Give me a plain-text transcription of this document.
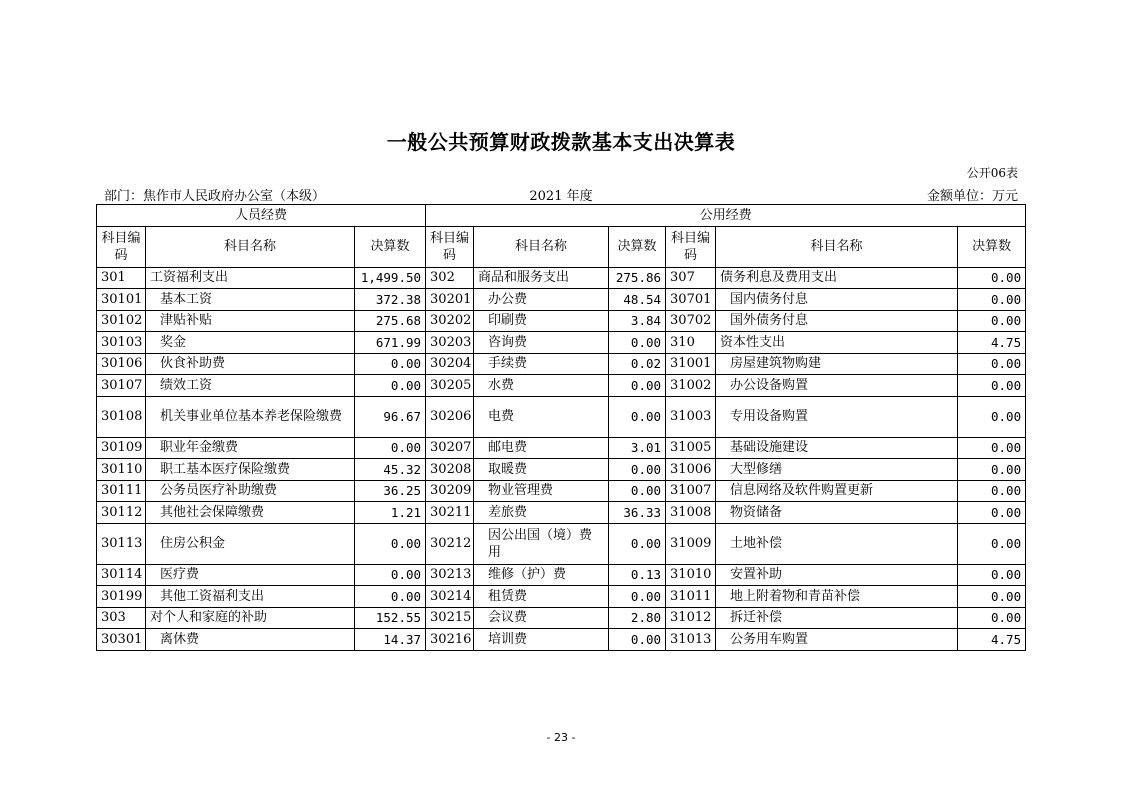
一般公共预算财政拨款基本支出决算表
公开06表
2021 年度
部门：焦作市人民政府办公室（本级）	金额单位：万元
人员经费			公用经费					
科目编码	科目名称	决算数	科目编码	科目名称	决算数	科目编码	科目名称	决算数
301	工资福利支出	1,499.50	302	商品和服务支出	275.86	307	债务利息及费用支出	0.00
30101	基本工资	372.38	30201	办公费	48.54	30701	国内债务付息	0.00
30102	津贴补贴	275.68	30202	印刷费	3.84	30702	国外债务付息	0.00
30103	奖金	671.99	30203	咨询费	0.00	310	资本性支出	4.75
30106	伙食补助费	0.00	30204	手续费	0.02	31001	房屋建筑物购建	0.00
30107	绩效工资	0.00	30205	水费	0.00	31002	办公设备购置	0.00
30108	机关事业单位基本养老保险缴费	96.67	30206	电费	0.00	31003	专用设备购置	0.00
30109	职业年金缴费	0.00	30207	邮电费	3.01	31005	基础设施建设	0.00
30110	职工基本医疗保险缴费	45.32	30208	取暖费	0.00	31006	大型修缮	0.00
30111	公务员医疗补助缴费	36.25	30209	物业管理费	0.00	31007	信息网络及软件购置更新	0.00
30112	其他社会保障缴费	1.21	30211	差旅费	36.33	31008	物资储备	0.00
30113	住房公积金	0.00	30212	因公出国（境）费用	0.00	31009	土地补偿	0.00
30114	医疗费	0.00	30213	维修（护）费	0.13	31010	安置补助	0.00
30199	其他工资福利支出	0.00	30214	租赁费	0.00	31011	地上附着物和青苗补偿	0.00
303	对个人和家庭的补助	152.55	30215	会议费	2.80	31012	拆迁补偿	0.00
30301	离休费	14.37	30216	培训费	0.00	31013	公务用车购置	4.75
- 23 -
